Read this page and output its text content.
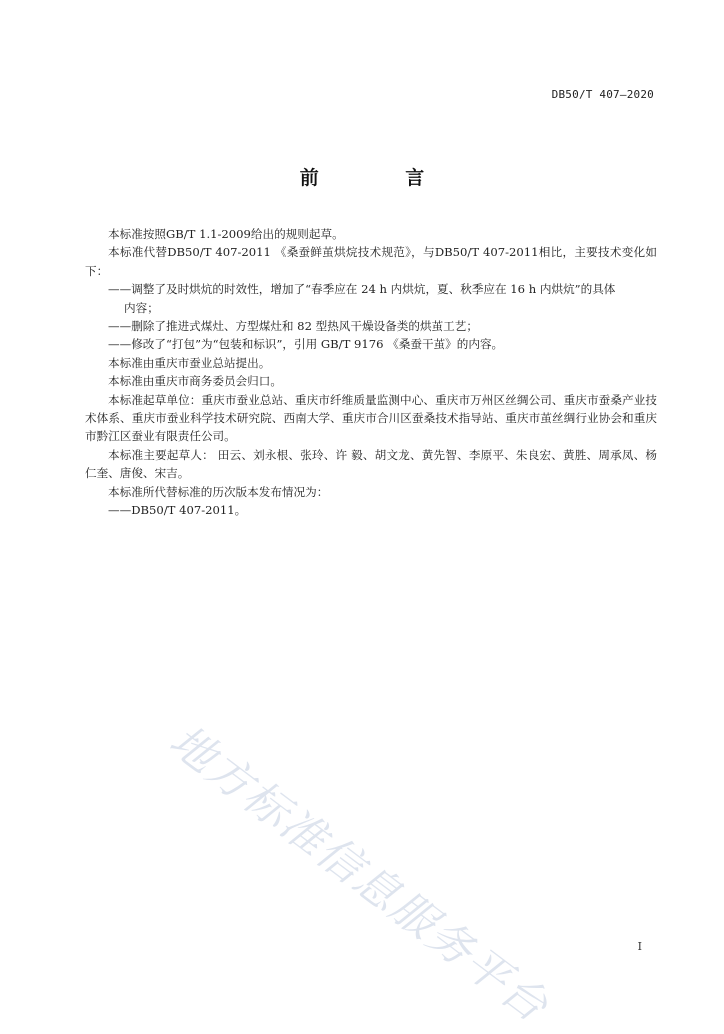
DB50/T 407—2020
前 言

本标准按照GB/T 1.1-2009给出的规则起草。

本标准代替DB50/T 407-2011 《桑蚕鲜茧烘烷技术规范》，与DB50/T 407-2011相比，主要技术变化如下：

——调整了及时烘炕的时效性，增加了“春季应在 24 h 内烘炕，夏、秋季应在 16 h 内烘炕”的具体
内容；

——删除了推进式煤灶、方型煤灶和 82 型热风干燥设备类的烘茧工艺；

——修改了“打包”为“包装和标识”，引用 GB/T 9176 《桑蚕干茧》的内容。

本标准由重庆市蚕业总站提出。

本标准由重庆市商务委员会归口。

本标准起草单位：重庆市蚕业总站、重庆市纤维质量监测中心、重庆市万州区丝绸公司、重庆市蚕桑产业技术体系、重庆市蚕业科学技术研究院、西南大学、重庆市合川区蚕桑技术指导站、重庆市茧丝绸行业协会和重庆市黔江区蚕业有限责任公司。

本标准主要起草人： 田云、刘永根、张玲、许 毅、胡文龙、黄先智、李原平、朱良宏、黄胜、周承凤、杨仁奎、唐俊、宋吉。

本标准所代替标准的历次版本发布情况为：

——DB50/T 407-2011。

地方标准信息服务平台	I
